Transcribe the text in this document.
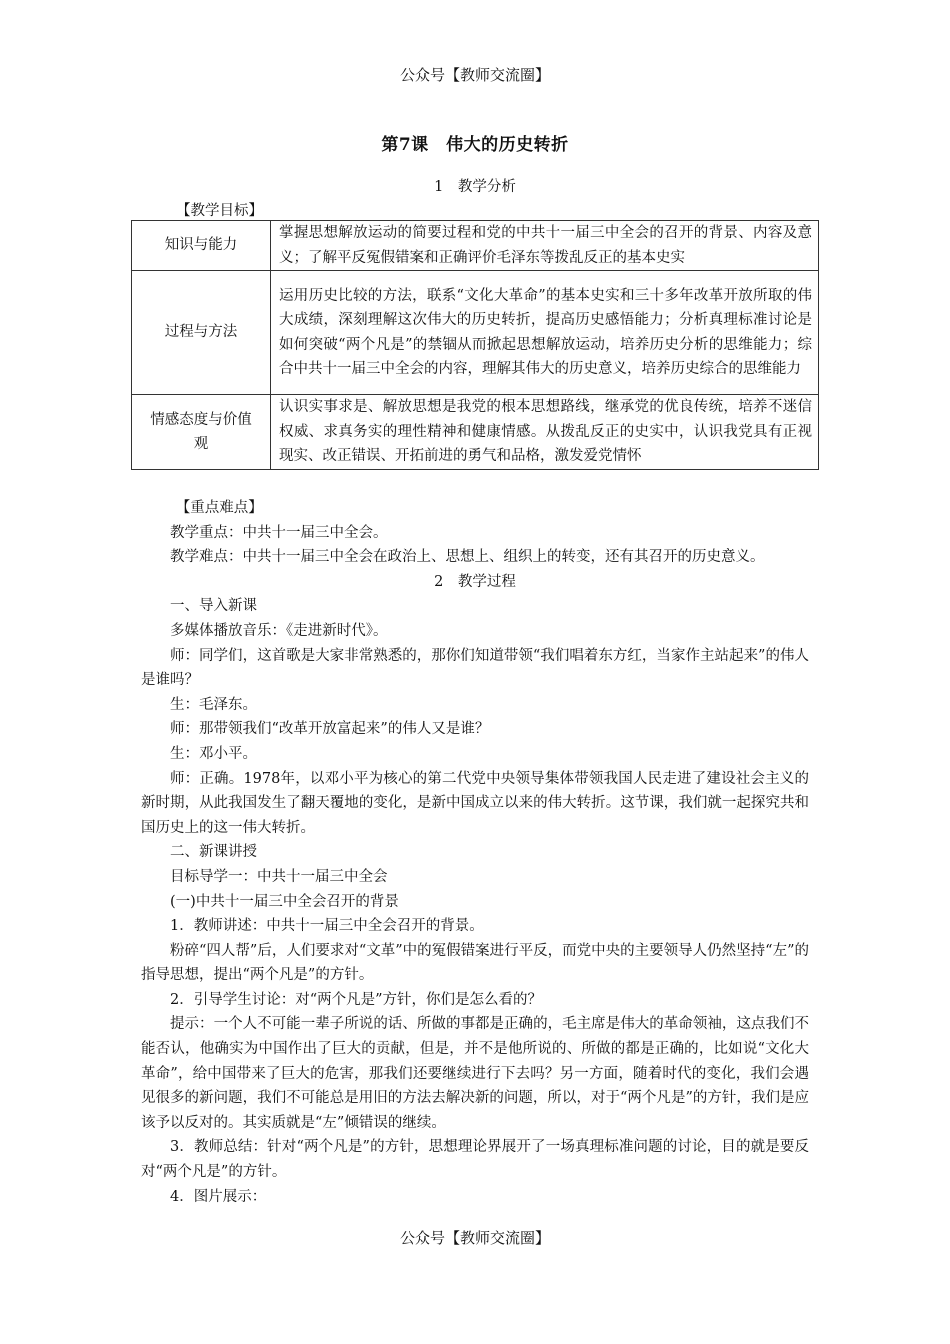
公众号【教师交流圈】
第7课　伟大的历史转折
1　教学分析
【教学目标】
知识与能力	掌握思想解放运动的简要过程和党的中共十一届三中全会的召开的背景、内容及意义；了解平反冤假错案和正确评价毛泽东等拨乱反正的基本史实
过程与方法	运用历史比较的方法，联系“文化大革命”的基本史实和三十多年改革开放所取的伟大成绩，深刻理解这次伟大的历史转折，提高历史感悟能力；分析真理标准讨论是如何突破“两个凡是”的禁锢从而掀起思想解放运动，培养历史分析的思维能力；综合中共十一届三中全会的内容，理解其伟大的历史意义，培养历史综合的思维能力
情感态度与价值观	认识实事求是、解放思想是我党的根本思想路线，继承党的优良传统，培养不迷信权威、求真务实的理性精神和健康情感。从拨乱反正的史实中，认识我党具有正视现实、改正错误、开拓前进的勇气和品格，激发爱党情怀

【重点难点】

教学重点：中共十一届三中全会。

教学难点：中共十一届三中全会在政治上、思想上、组织上的转变，还有其召开的历史意义。

2　教学过程

一、导入新课

多媒体播放音乐：《走进新时代》。

师：同学们，这首歌是大家非常熟悉的，那你们知道带领“我们唱着东方红，当家作主站起来”的伟人是谁吗？

生：毛泽东。

师：那带领我们“改革开放富起来”的伟人又是谁？

生：邓小平。

师：正确。1978年，以邓小平为核心的第二代党中央领导集体带领我国人民走进了建设社会主义的新时期，从此我国发生了翻天覆地的变化，是新中国成立以来的伟大转折。这节课，我们就一起探究共和国历史上的这一伟大转折。

二、新课讲授

目标导学一：中共十一届三中全会

(一)中共十一届三中全会召开的背景

1．教师讲述：中共十一届三中全会召开的背景。

粉碎“四人帮”后，人们要求对“文革”中的冤假错案进行平反，而党中央的主要领导人仍然坚持“左”的指导思想，提出“两个凡是”的方针。

2．引导学生讨论：对“两个凡是”方针，你们是怎么看的？

提示：一个人不可能一辈子所说的话、所做的事都是正确的，毛主席是伟大的革命领袖，这点我们不能否认，他确实为中国作出了巨大的贡献，但是，并不是他所说的、所做的都是正确的，比如说“文化大革命”，给中国带来了巨大的危害，那我们还要继续进行下去吗？另一方面，随着时代的变化，我们会遇见很多的新问题，我们不可能总是用旧的方法去解决新的问题，所以，对于“两个凡是”的方针，我们是应该予以反对的。其实质就是“左”倾错误的继续。

3．教师总结：针对“两个凡是”的方针，思想理论界展开了一场真理标准问题的讨论，目的就是要反对“两个凡是”的方针。

4．图片展示：

公众号【教师交流圈】
